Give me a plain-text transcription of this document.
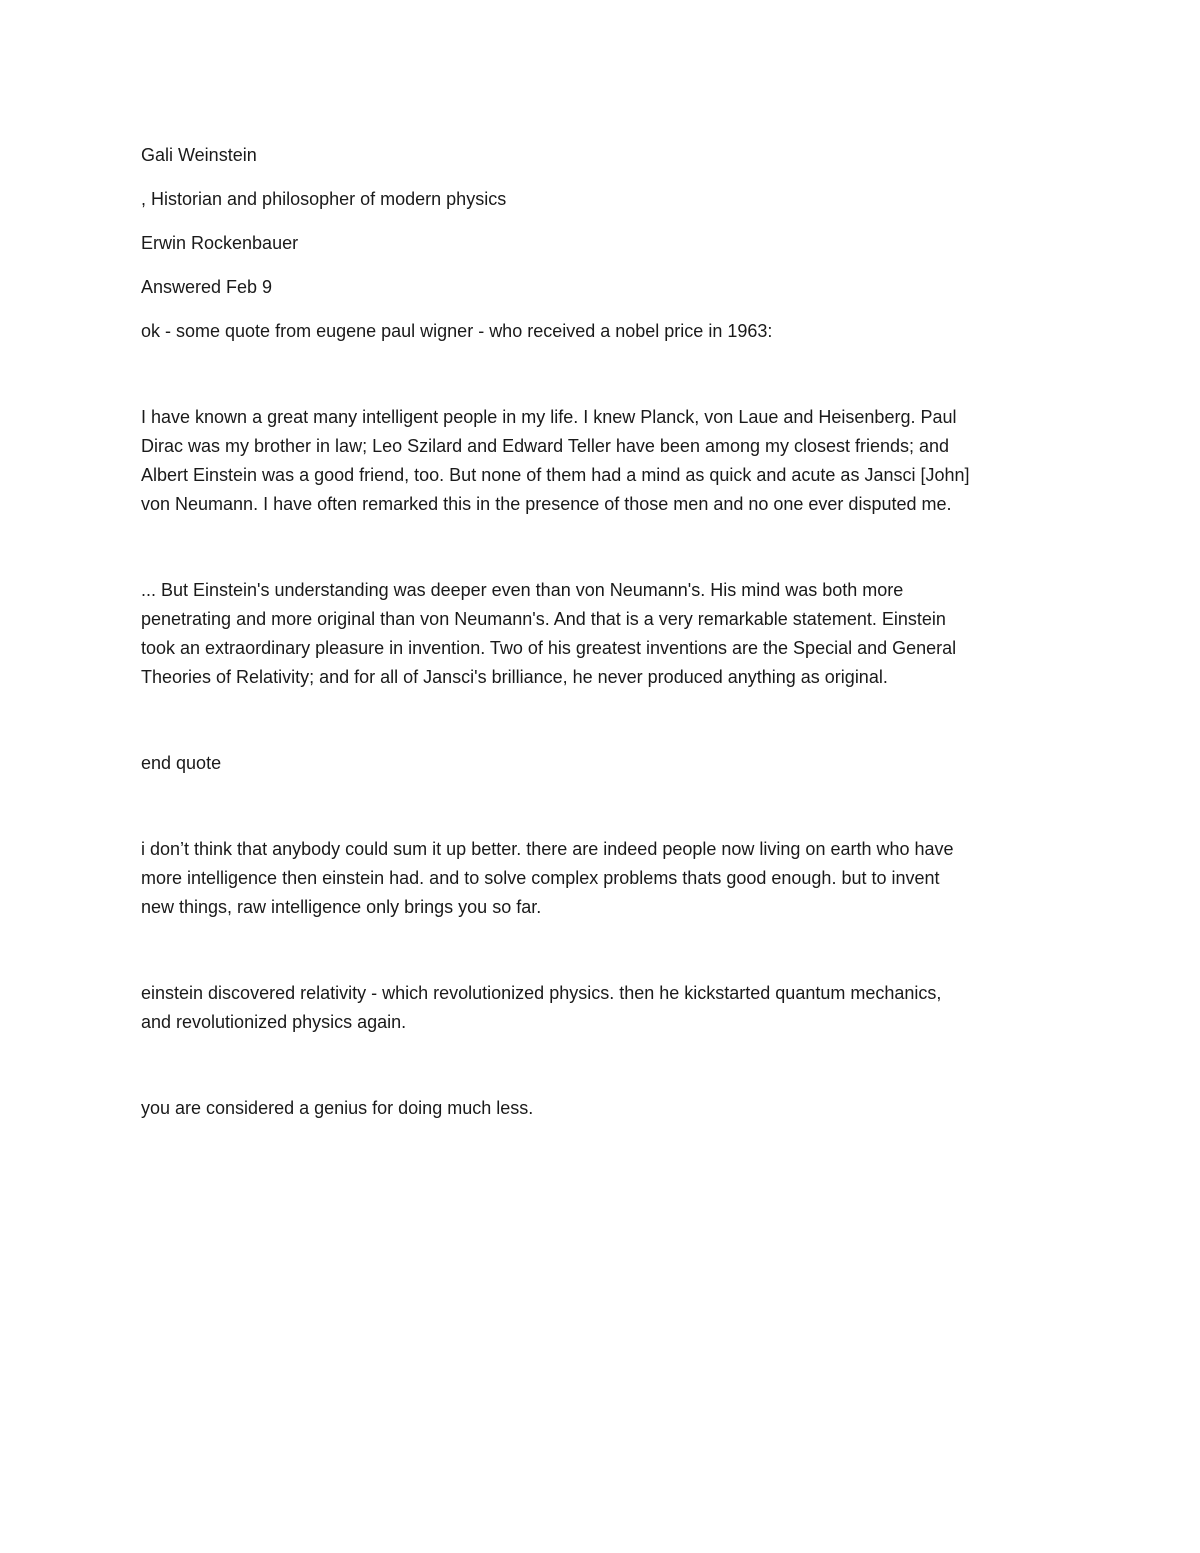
Gali Weinstein

, Historian and philosopher of modern physics

Erwin Rockenbauer

Answered Feb 9

ok - some quote from eugene paul wigner - who received a nobel price in 1963:

I have known a great many intelligent people in my life. I knew Planck, von Laue and Heisenberg. Paul
Dirac was my brother in law; Leo Szilard and Edward Teller have been among my closest friends; and
Albert Einstein was a good friend, too. But none of them had a mind as quick and acute as Jansci [John]
von Neumann. I have often remarked this in the presence of those men and no one ever disputed me.

... But Einstein's understanding was deeper even than von Neumann's. His mind was both more
penetrating and more original than von Neumann's. And that is a very remarkable statement. Einstein
took an extraordinary pleasure in invention. Two of his greatest inventions are the Special and General
Theories of Relativity; and for all of Jansci's brilliance, he never produced anything as original.

end quote

i don’t think that anybody could sum it up better. there are indeed people now living on earth who have
more intelligence then einstein had. and to solve complex problems thats good enough. but to invent
new things, raw intelligence only brings you so far.

einstein discovered relativity - which revolutionized physics. then he kickstarted quantum mechanics,
and revolutionized physics again.

you are considered a genius for doing much less.
